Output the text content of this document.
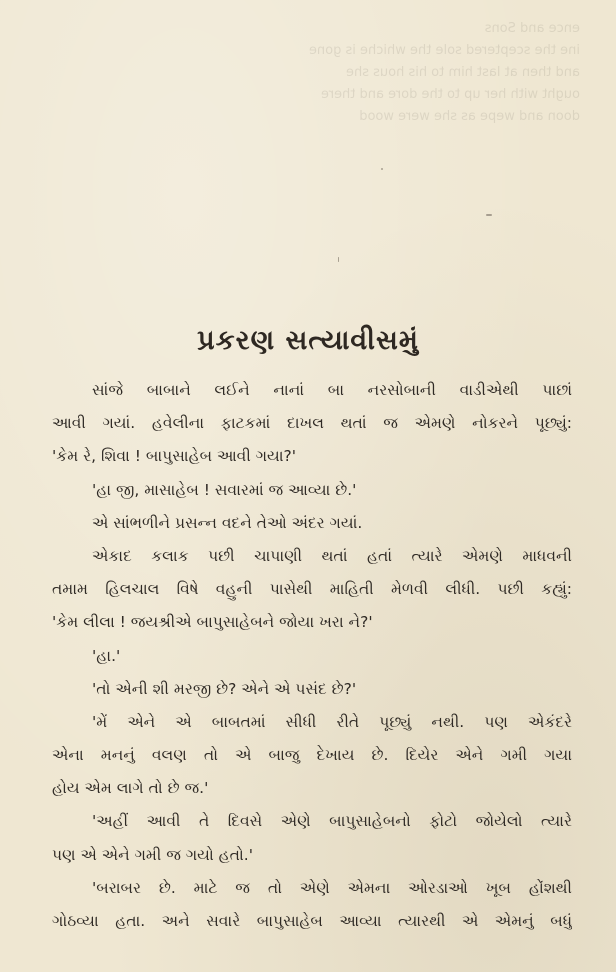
ence and Sons
ine the sceptered sole the whiche is gone
and then at last him to his hous she
ought with her up to the dore and there
doon and wepe as she were wood
પ્રકરણ સત્યાવીસમું
સાંજે બાબાને લઈને નાનાં બા નરસોબાની વાડીએથી પાછાં
આવી ગયાં. હવેલીના ફાટકમાં દાખલ થતાં જ એમણે નોકરને પૂછ્યું:
'કેમ રે, શિવા ! બાપુસાહેબ આવી ગયા?'
'હા જી, માસાહેબ ! સવારમાં જ આવ્યા છે.'
એ સાંભળીને પ્રસન્ન વદને તેઓ અંદર ગયાં.
એકાદ કલાક પછી ચાપાણી થતાં હતાં ત્યારે એમણે માધવની
તમામ હિલચાલ વિષે વહુની પાસેથી માહિતી મેળવી લીધી. પછી કહ્યું:
'કેમ લીલા ! જયશ્રીએ બાપુસાહેબને જોયા ખરા ને?'
'હા.'
'તો એની શી મરજી છે? એને એ પસંદ છે?'
'મેં એને એ બાબતમાં સીધી રીતે પૂછ્યું નથી. પણ એકંદરે
એના મનનું વલણ તો એ બાજુ દેખાય છે. દિયેર એને ગમી ગયા
હોય એમ લાગે તો છે જ.'
'અહીં આવી તે દિવસે એણે બાપુસાહેબનો ફોટો જોયેલો ત્યારે
પણ એ એને ગમી જ ગયો હતો.'
'બરાબર છે. માટે જ તો એણે એમના ઓરડાઓ ખૂબ હોંશથી
ગોઠવ્યા હતા. અને સવારે બાપુસાહેબ આવ્યા ત્યારથી એ એમનું બધું
